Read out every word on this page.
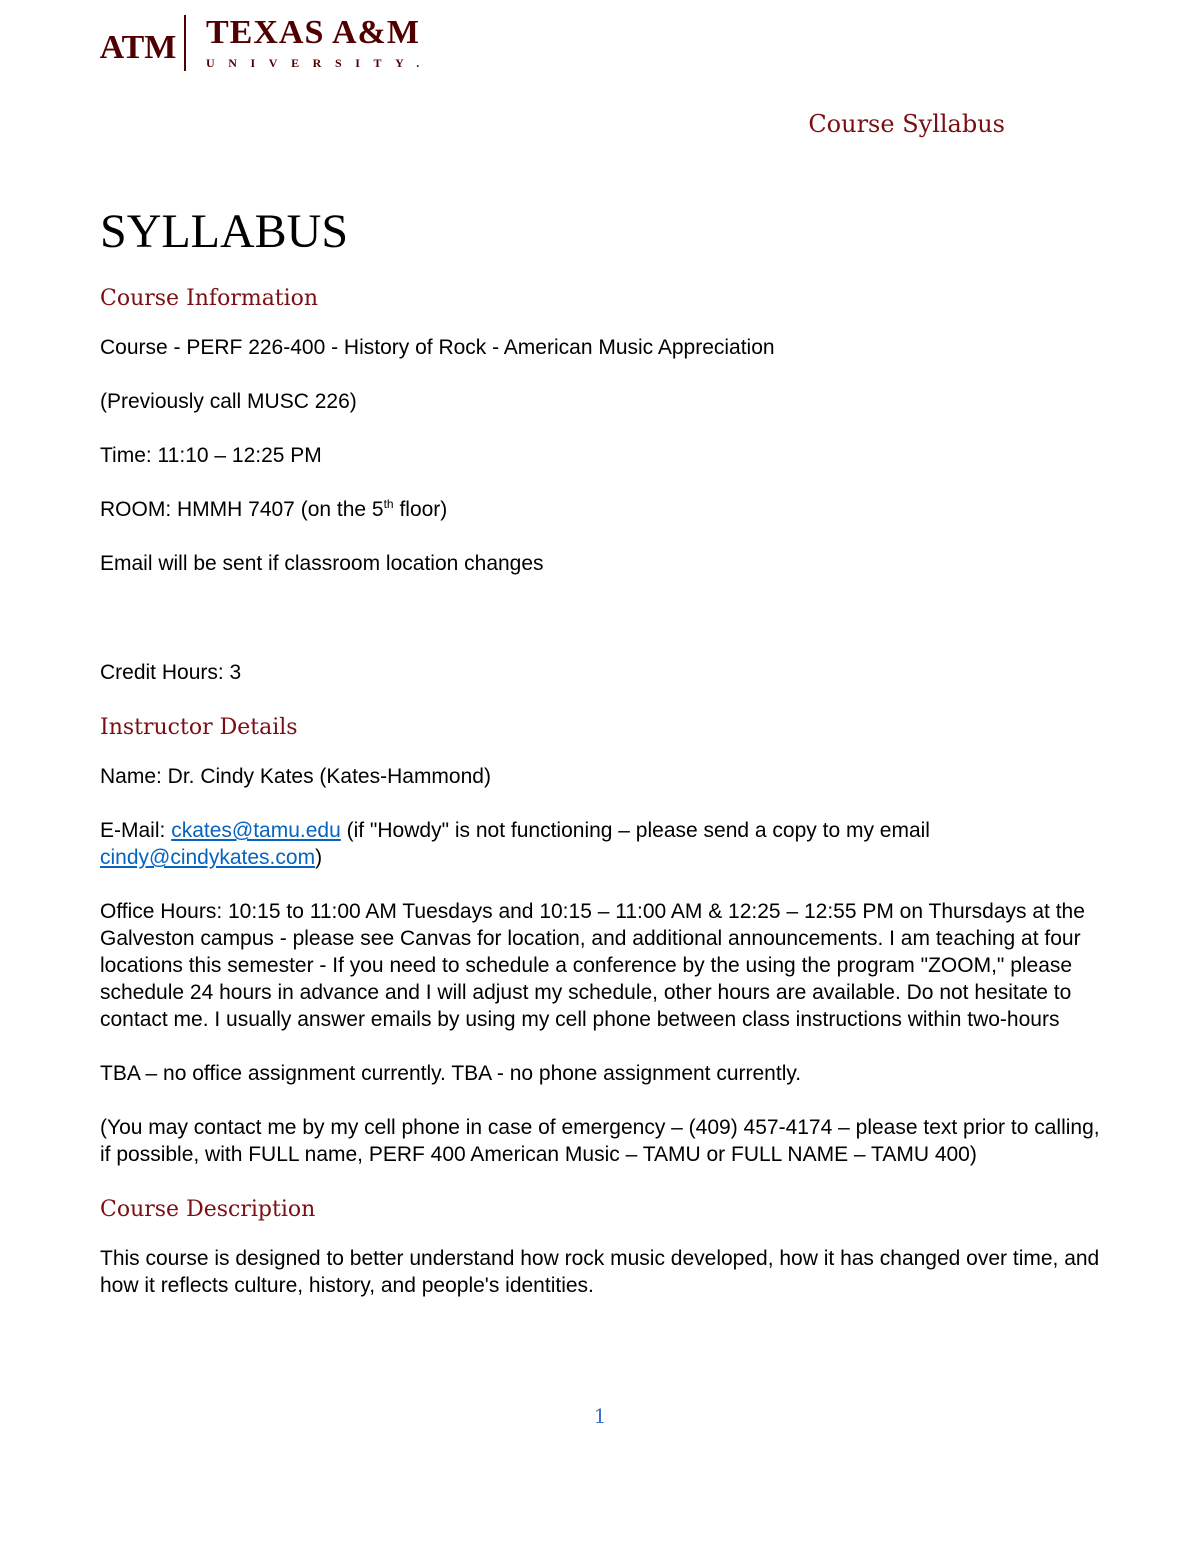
ATM TEXAS A&M
UNIVERSITY.
Course Syllabus
SYLLABUS
Course Information

Course - PERF 226-400 - History of Rock - American Music Appreciation

(Previously call MUSC 226)

Time: 11:10 – 12:25 PM

ROOM: HMMH 7407 (on the 5th floor)

Email will be sent if classroom location changes

Credit Hours: 3

Instructor Details

Name: Dr. Cindy Kates (Kates-Hammond)

E-Mail: ckates@tamu.edu (if "Howdy" is not functioning – please send a copy to my email cindy@cindykates.com)

Office Hours: 10:15 to 11:00 AM Tuesdays and 10:15 – 11:00 AM & 12:25 – 12:55 PM on Thursdays at the Galveston campus - please see Canvas for location, and additional announcements. I am teaching at four locations this semester - If you need to schedule a conference by the using the program "ZOOM," please schedule 24 hours in advance and I will adjust my schedule, other hours are available. Do not hesitate to contact me. I usually answer emails by using my cell phone between class instructions within two-hours

TBA – no office assignment currently. TBA - no phone assignment currently.

(You may contact me by my cell phone in case of emergency – (409) 457-4174 – please text prior to calling, if possible, with FULL name, PERF 400 American Music – TAMU or FULL NAME – TAMU 400)

Course Description

This course is designed to better understand how rock music developed, how it has changed over time, and how it reflects culture, history, and people's identities.

1
